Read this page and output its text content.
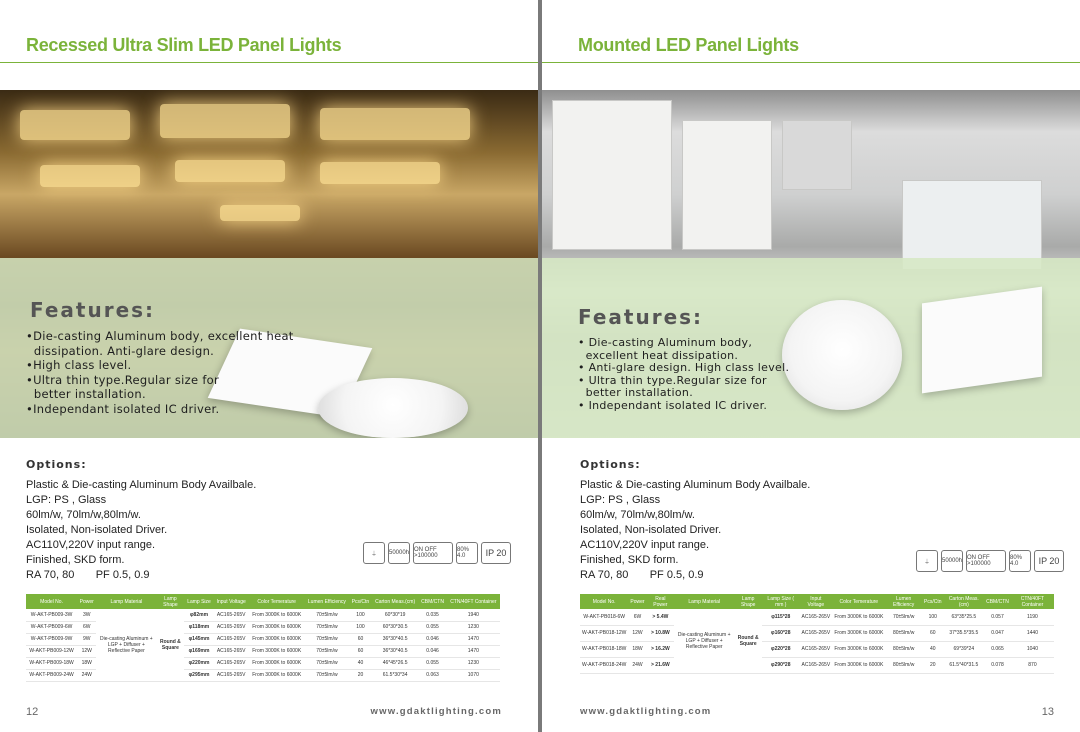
Recessed Ultra Slim LED Panel Lights
Features:
•Die-casting Aluminum body, excellent heat
dissipation. Anti-glare design.
•High class level.
•Ultra thin type.Regular size for
better installation.
•Independant isolated IC driver.
Options:
Plastic & Die-casting Aluminum Body Availbale.
LGP: PS , Glass
60lm/w, 70lm/w,80lm/w.
Isolated, Non-isolated Driver.
AC110V,220V input range.
Finished, SKD form.
RA 70, 80       PF 0.5, 0.9
⏚	50000h ON OFF >100000
80% 4.0	IP 20
Model No.	Power	Lamp Material	Lamp Shape	Lamp Size	Input Voltage	Color Temerature	Lumen Efficiency	Pcs/Ctn	Carton Meas.(cm)	CBM/CTN	CTN/40FT Container
W-AKT-PB009-3W	3W	Die-casting Aluminum + LGP + Diffuser + Reflective Paper	Round & Square	φ82mm	AC165-265V	From 3000K to 6000K	70±5lm/w	100	60*30*19	0.035	1940
W-AKT-PB009-6W	6W			φ118mm	AC165-265V	From 3000K to 6000K	70±5lm/w	100	60*30*30.5	0.055	1230
W-AKT-PB009-9W	9W			φ145mm	AC165-265V	From 3000K to 6000K	70±5lm/w	60	36*30*40.5	0.046	1470
W-AKT-PB009-12W	12W			φ169mm	AC165-265V	From 3000K to 6000K	70±5lm/w	60	36*30*40.5	0.046	1470
W-AKT-PB009-18W	18W			φ220mm	AC165-265V	From 3000K to 6000K	70±5lm/w	40	46*45*26.5	0.055	1230
W-AKT-PB009-24W	24W			φ295mm	AC165-265V	From 3000K to 6000K	70±5lm/w	20	61.5*30*34	0.063	1070
12	www.gdaktlighting.com
Mounted LED Panel Lights
Features:
• Die-casting Aluminum body,
excellent heat dissipation.
• Anti-glare design. High class level.
• Ultra thin type.Regular size for
better installation.
• Independant isolated IC driver.
Options:
Plastic & Die-casting Aluminum Body Availbale.
LGP: PS , Glass
60lm/w, 70lm/w,80lm/w.
Isolated, Non-isolated Driver.
AC110V,220V input range.
Finished, SKD form.
RA 70, 80       PF 0.5, 0.9
⏚	50000h ON OFF >100000
80% 4.0	IP 20
Model No.	Power	Real Power	Lamp Material	Lamp Shape	Lamp Size ( mm )	Input Voltage	Color Temerature	Lumen Efficiency	Pcs/Ctn	Carton Meas.(cm)	CBM/CTN	CTN/40FT Container
W-AKT-PB018-6W	6W	> 5.4W	Die-casting Aluminum + LGP + Diffuser + Reflective Paper	Round & Square	φ115*28	AC165-265V	From 3000K to 6000K	70±5lm/w	100	63*35*25.5	0.057	1190
W-AKT-PB018-12W	12W	> 10.8W			φ160*28	AC165-265V	From 3000K to 6000K	80±5lm/w	60	37*35.5*35.5	0.047	1440
W-AKT-PB018-18W	18W	> 16.2W			φ220*28	AC165-265V	From 3000K to 6000K	80±5lm/w	40	69*39*24	0.065	1040
W-AKT-PB018-24W	24W	> 21.6W			φ290*28	AC165-265V	From 3000K to 6000K	80±5lm/w	20	61.5*40*31.5	0.078	870
13
www.gdaktlighting.com
